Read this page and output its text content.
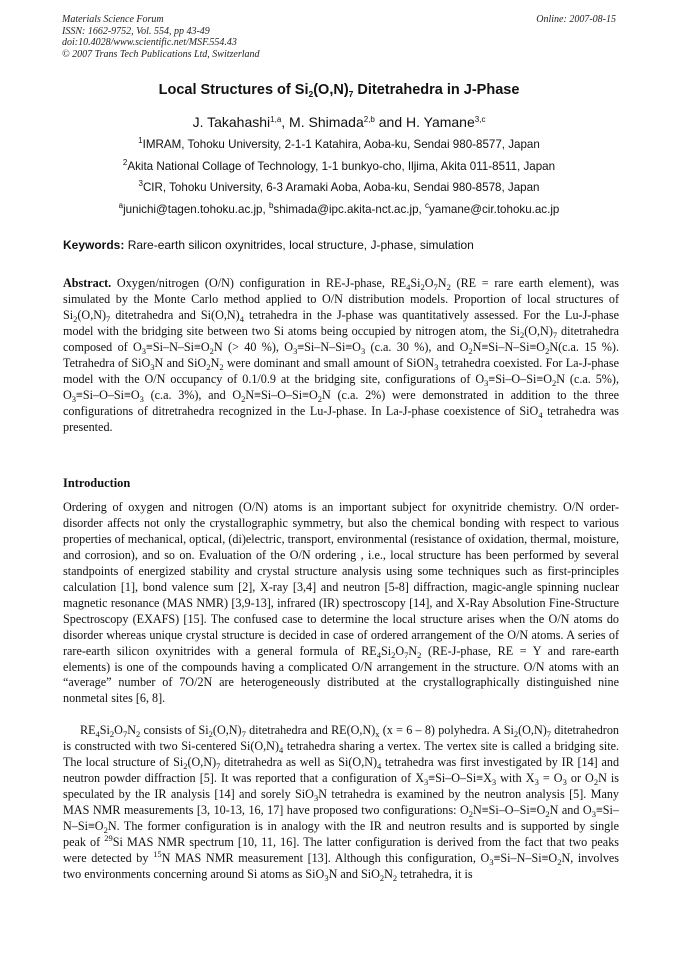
Materials Science Forum
ISSN: 1662-9752, Vol. 554, pp 43-49
doi:10.4028/www.scientific.net/MSF.554.43
© 2007 Trans Tech Publications Ltd, Switzerland
Online: 2007-08-15
Local Structures of $Si_2(O,N)_7$ Ditetrahedra in J-Phase
J. Takahashi$^{1,a}$, M. Shimada$^{2,b}$ and H. Yamane$^{3,c}$
$^1$IMRAM, Tohoku University, 2-1-1 Katahira, Aoba-ku, Sendai 980-8577, Japan
$^2$Akita National Collage of Technology, 1-1 bunkyo-cho, Iljima, Akita 011-8511, Japan
$^3$CIR, Tohoku University, 6-3 Aramaki Aoba, Aoba-ku, Sendai 980-8578, Japan
$^a$junichi@tagen.tohoku.ac.jp, $^b$shimada@ipc.akita-nct.ac.jp, $^c$yamane@cir.tohoku.ac.jp
Keywords: Rare-earth silicon oxynitrides, local structure, J-phase, simulation

Abstract. Oxygen/nitrogen (O/N) configuration in RE-J-phase, $RE_4Si_2O_7N_2$ (RE = rare earth element), was simulated by the Monte Carlo method applied to O/N distribution models. Proportion of local structures of $Si_2(O,N)_7$ ditetrahedra and $Si(O,N)_4$ tetrahedra in the J-phase was quantitatively assessed. For the Lu-J-phase model with the bridging site between two Si atoms being occupied by nitrogen atom, the $Si_2(O,N)_7$ ditetrahedra composed of $O_3\equiv Si-N-Si\equiv O_2N$ (> 40 %), $O_3\equiv Si-N-Si\equiv O_3$ (c.a. 30 %), and $O_2N\equiv Si-N-Si\equiv O_2N(c.a$. 15 %). Tetrahedra of SiO$_3$N and $SiO_2N_2$ were dominant and small amount of SiON$_3$ tetrahedra coexisted. For La-J-phase model with the O/N occupancy of 0.1/0.9 at the bridging site, configurations of $O_3\equiv Si-O-Si\equiv O_2N$ (c.a. 5%), $O_3\equiv Si-O-Si\equiv O_3$ (c.a. 3%), and $O_2N\equiv Si-O-Si\equiv O_2N$ (c.a. 2%) were demonstrated in addition to the three configurations of ditretrahedra recognized in the Lu-J-phase. In La-J-phase coexistence of SiO$_4$ tetrahedra was presented.

Introduction

Ordering of oxygen and nitrogen (O/N) atoms is an important subject for oxynitride chemistry. O/N order-disorder affects not only the crystallographic symmetry, but also the chemical bonding with respect to various properties of mechanical, optical, (di)electric, transport, environmental (resistance of oxidation, thermal, moisture, and corrosion), and so on. Evaluation of the O/N ordering , i.e., local structure has been performed by several standpoints of energized stability and crystal structure analysis using some techniques such as first-principles calculation [1], bond valence sum [2], X-ray [3,4] and neutron [5-8] diffraction, magic-angle spinning nuclear magnetic resonance (MAS NMR) [3,9-13], infrared (IR) spectroscopy [14], and X-Ray Absolution Fine-Structure Spectroscopy (EXAFS) [15]. The confused case to determine the local structure arises when the O/N atoms do disorder whereas unique crystal structure is decided in case of ordered arrangement of the O/N atoms. A series of rare-earth silicon oxynitrides with a general formula of $RE_4Si_2O_7N_2$ (RE-J-phase, RE = Y and rare-earth elements) is one of the compounds having a complicated O/N arrangement in the structure. O/N atoms with an “average” number of 7O/2N are heterogeneously distributed at the crystallographically distinguished nine nonmetal sites [6, 8].

$RE_4Si_2O_7N_2$ consists of $Si_2(O,N)_7$ ditetrahedra and $RE(O,N)_x$ (x = 6 – 8) polyhedra. A $Si_2(O,N)_7$ ditetrahedron is constructed with two Si-centered $Si(O,N)_4$ tetrahedra sharing a vertex. The vertex site is called a bridging site. The local structure of $Si_2(O,N)_7$ ditetrahedra as well as $Si(O,N)_4$ tetrahedra was first investigated by IR [14] and neutron powder diffraction [5]. It was reported that a configuration of $X_3\equiv Si-O-Si\equiv X_3$ with $X_3 = O_3$ or $O_2N$ is speculated by the IR analysis [14] and sorely SiO$_3$N tetrahedra is examined by the neutron analysis [5]. Many MAS NMR measurements [3, 10-13, 16, 17] have proposed two configurations: $O_2N\equiv Si-O-Si\equiv O_2N$ and $O_3\equiv Si-N-Si\equiv O_2N$. The former configuration is in analogy with the IR and neutron results and is supported by single peak of $^{29}$Si MAS NMR spectrum [10, 11, 16]. The latter configuration is derived from the fact that two peaks were detected by $^{15}$N MAS NMR measurement [13]. Although this configuration, $O_3\equiv Si-N-Si\equiv O_2N$, involves two environments concerning around Si atoms as SiO$_3$N and $SiO_2N_2$ tetrahedra, it is
